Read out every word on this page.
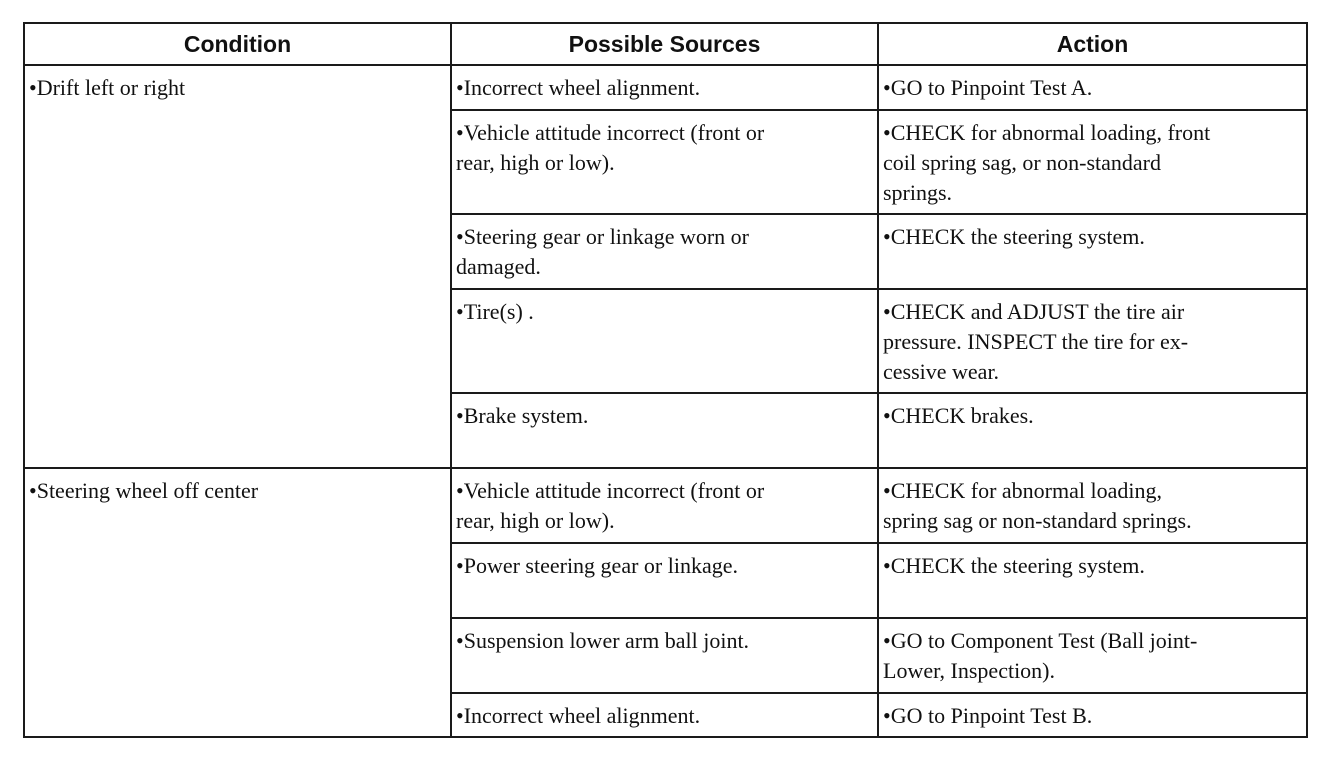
Condition	Possible Sources	Action

•Drift left or right	•Incorrect wheel alignment.	•GO to Pinpoint Test A.

	•Vehicle attitude incorrect (front or
rear, high or low).	•CHECK for abnormal loading, front
coil spring sag, or non-standard
springs.

	•Steering gear or linkage worn or
damaged.	•CHECK the steering system.

	•Tire(s) .	•CHECK and ADJUST the tire air
pressure. INSPECT the tire for ex-
cessive wear.

	•Brake system.	•CHECK brakes.

•Steering wheel off center	•Vehicle attitude incorrect (front or
rear, high or low).	•CHECK for abnormal loading,
spring sag or non-standard springs.

	•Power steering gear or linkage.	•CHECK the steering system.

	•Suspension lower arm ball joint.	•GO to Component Test (Ball joint-
Lower, Inspection).

	•Incorrect wheel alignment.	•GO to Pinpoint Test B.
